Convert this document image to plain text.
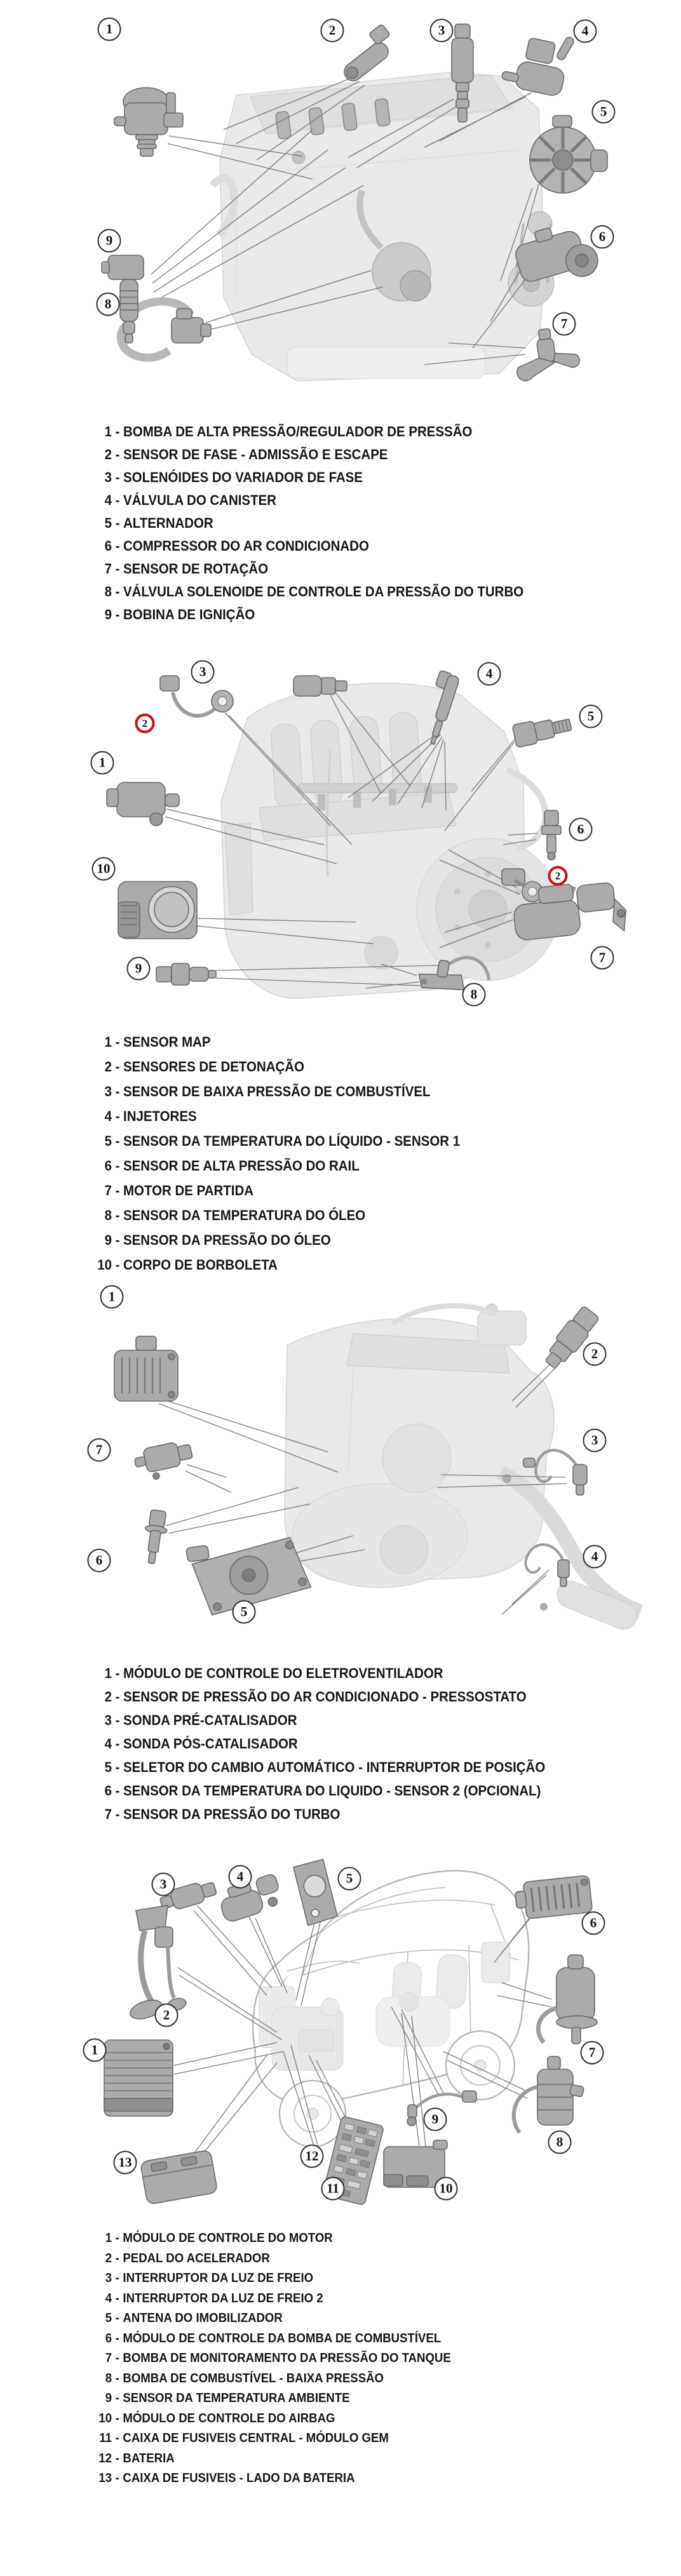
1	2	3	4
5
6
7
8
9
1 - BOMBA DE ALTA PRESSÃO/REGULADOR DE PRESSÃO
2 - SENSOR DE FASE - ADMISSÃO E ESCAPE
3 - SOLENÓIDES DO VARIADOR DE FASE
4 - VÁLVULA DO CANISTER
5 - ALTERNADOR
6 - COMPRESSOR DO AR CONDICIONADO
7 - SENSOR DE ROTAÇÃO
8 - VÁLVULA SOLENOIDE DE CONTROLE DA PRESSÃO DO TURBO
9 - BOBINA DE IGNIÇÃO
3
2
4
5
1
6
10	2
7
9
8
1 - SENSOR MAP
2 - SENSORES DE DETONAÇÃO
3 - SENSOR DE BAIXA PRESSÃO DE COMBUSTÍVEL
4 - INJETORES
5 - SENSOR DA TEMPERATURA DO LÍQUIDO - SENSOR 1
6 - SENSOR DE ALTA PRESSÃO DO RAIL
7 - MOTOR DE PARTIDA
8 - SENSOR DA TEMPERATURA DO ÓLEO
9 - SENSOR DA PRESSÃO DO ÓLEO
10 - CORPO DE BORBOLETA
1
2
7
3
6	4
5
1 - MÓDULO DE CONTROLE DO ELETROVENTILADOR
2 - SENSOR DE PRESSÃO DO AR CONDICIONADO - PRESSOSTATO
3 - SONDA PRÉ-CATALISADOR
4 - SONDA PÓS-CATALISADOR
5 - SELETOR DO CAMBIO AUTOMÁTICO - INTERRUPTOR DE POSIÇÃO
6 - SENSOR DA TEMPERATURA DO LIQUIDO - SENSOR 2 (OPCIONAL)
7 - SENSOR DA PRESSÃO DO TURBO
3	4	5
6
2
1	7
9
8
13	12
11	10
1 - MÓDULO DE CONTROLE DO MOTOR
2 - PEDAL DO ACELERADOR
3 - INTERRUPTOR DA LUZ DE FREIO
4 - INTERRUPTOR DA LUZ DE FREIO 2
5 - ANTENA DO IMOBILIZADOR
6 - MÓDULO DE CONTROLE DA BOMBA DE COMBUSTÍVEL
7 - BOMBA DE MONITORAMENTO DA PRESSÃO DO TANQUE
8 - BOMBA DE COMBUSTÍVEL - BAIXA PRESSÃO
9 - SENSOR DA TEMPERATURA AMBIENTE
10 - MÓDULO DE CONTROLE DO AIRBAG
11 - CAIXA DE FUSIVEIS CENTRAL - MÓDULO GEM
12 - BATERIA
13 - CAIXA DE FUSIVEIS - LADO DA BATERIA
